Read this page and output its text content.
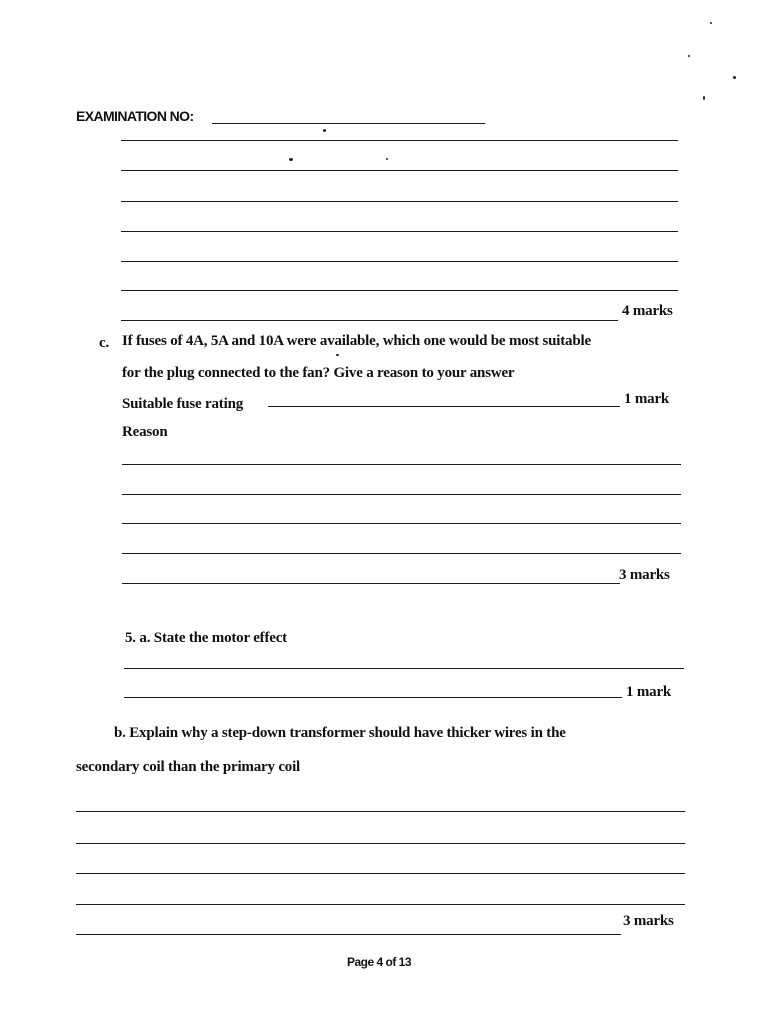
EXAMINATION NO:
4 marks
c. If fuses of 4A, 5A and 10A were available, which one would be most suitable
for the plug connected to the fan? Give a reason to your answer
Suitable fuse rating	1 mark
Reason
3 marks
5. a. State the motor effect
1 mark
b. Explain why a step-down transformer should have thicker wires in the
secondary coil than the primary coil
3 marks
Page 4 of 13
